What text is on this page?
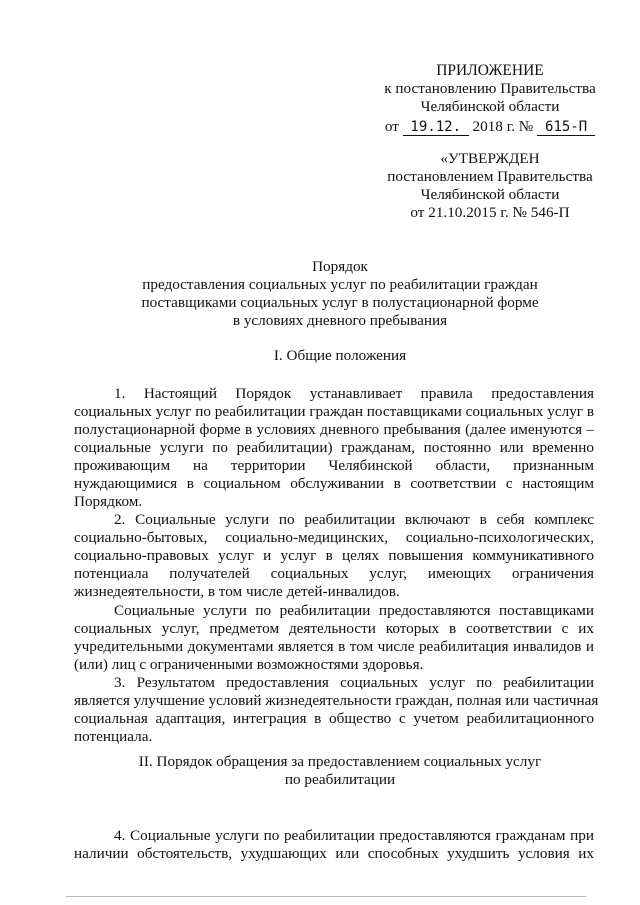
ПРИЛОЖЕНИЕ
к постановлению Правительства
Челябинской области
от 19.12. 2018 г. № 615-П
«УТВЕРЖДЕН
постановлением Правительства
Челябинской области
от 21.10.2015 г. № 546-П
Порядок
предоставления социальных услуг по реабилитации граждан
поставщиками социальных услуг в полустационарной форме
в условиях дневного пребывания
I. Общие положения
1. Настоящий Порядок устанавливает правила предоставления
социальных услуг по реабилитации граждан поставщиками социальных услуг в
полустационарной форме в условиях дневного пребывания (далее именуются –
социальные услуги по реабилитации) гражданам, постоянно или временно
проживающим на территории Челябинской области, признанным
нуждающимися в социальном обслуживании в соответствии с настоящим
Порядком.
2. Социальные услуги по реабилитации включают в себя комплекс
социально-бытовых, социально-медицинских, социально-психологических,
социально-правовых услуг и услуг в целях повышения коммуникативного
потенциала получателей социальных услуг, имеющих ограничения
жизнедеятельности, в том числе детей-инвалидов.
Социальные услуги по реабилитации предоставляются поставщиками
социальных услуг, предметом деятельности которых в соответствии с их
учредительными документами является в том числе реабилитация инвалидов и
(или) лиц с ограниченными возможностями здоровья.
3. Результатом предоставления социальных услуг по реабилитации
является улучшение условий жизнедеятельности граждан, полная или частичная
социальная адаптация, интеграция в общество с учетом реабилитационного
потенциала.
II. Порядок обращения за предоставлением социальных услуг
по реабилитации
4. Социальные услуги по реабилитации предоставляются гражданам при
наличии обстоятельств, ухудшающих или способных ухудшить условия их
